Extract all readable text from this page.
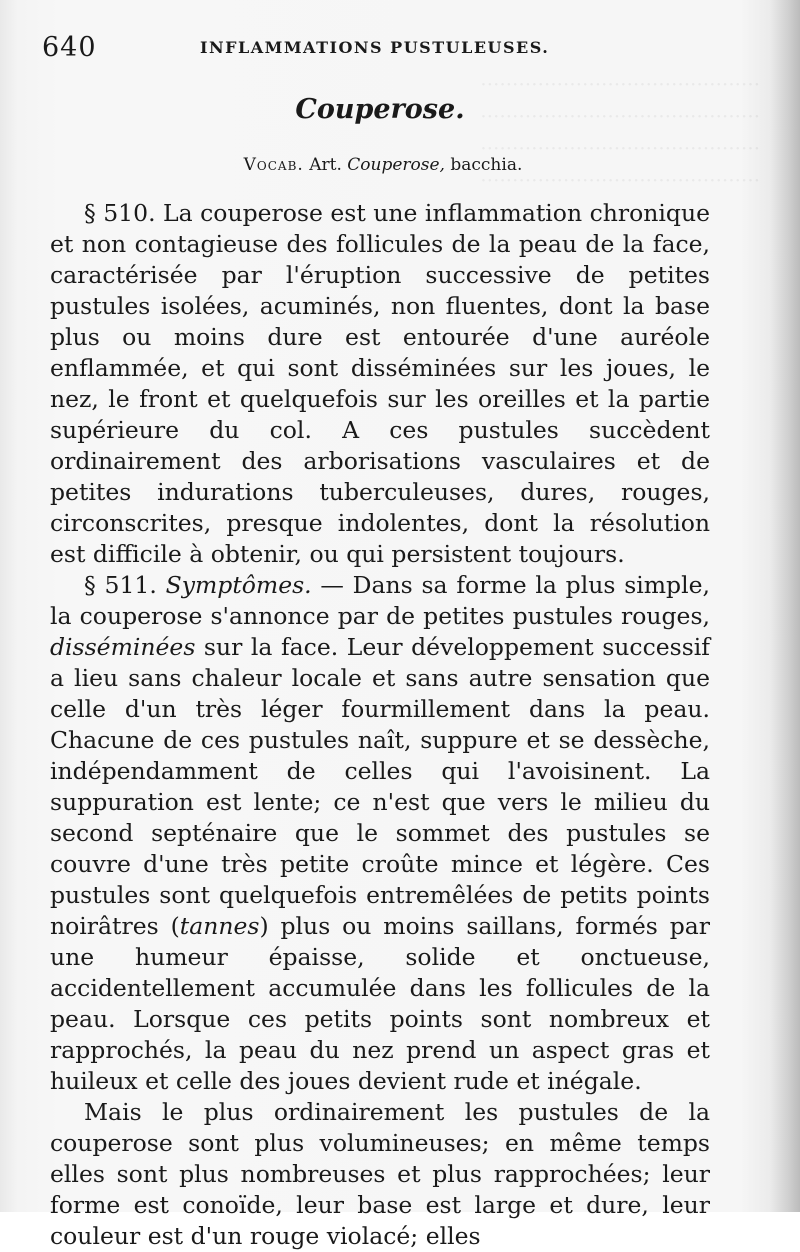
············································
············································
············································
············································
640	INFLAMMATIONS PUSTULEUSES.
Couperose.
Vocab. Art. Couperose, bacchia.

§ 510. La couperose est une inflammation chronique et non contagieuse des follicules de la peau de la face, caractérisée par l'éruption successive de petites pustules isolées, acuminés, non fluentes, dont la base plus ou moins dure est entourée d'une auréole enflammée, et qui sont disséminées sur les joues, le nez, le front et quelquefois sur les oreilles et la partie supérieure du col. A ces pustules succèdent ordinairement des arborisations vasculaires et de petites indurations tuberculeuses, dures, rouges, circonscrites, presque indolentes, dont la résolution est difficile à obtenir, ou qui persistent toujours.

§ 511. Symptômes. — Dans sa forme la plus simple, la couperose s'annonce par de petites pustules rouges, disséminées sur la face. Leur développement successif a lieu sans chaleur locale et sans autre sensation que celle d'un très léger fourmillement dans la peau. Chacune de ces pustules naît, suppure et se dessèche, indépendamment de celles qui l'avoisinent. La suppuration est lente; ce n'est que vers le milieu du second septénaire que le sommet des pustules se couvre d'une très petite croûte mince et légère. Ces pustules sont quelquefois entremêlées de petits points noirâtres (tannes) plus ou moins saillans, formés par une humeur épaisse, solide et onctueuse, accidentellement accumulée dans les follicules de la peau. Lorsque ces petits points sont nombreux et rapprochés, la peau du nez prend un aspect gras et huileux et celle des joues devient rude et inégale.

Mais le plus ordinairement les pustules de la couperose sont plus volumineuses; en même temps elles sont plus nombreuses et plus rapprochées; leur forme est conoïde, leur base est large et dure, leur couleur est d'un rouge violacé; elles
